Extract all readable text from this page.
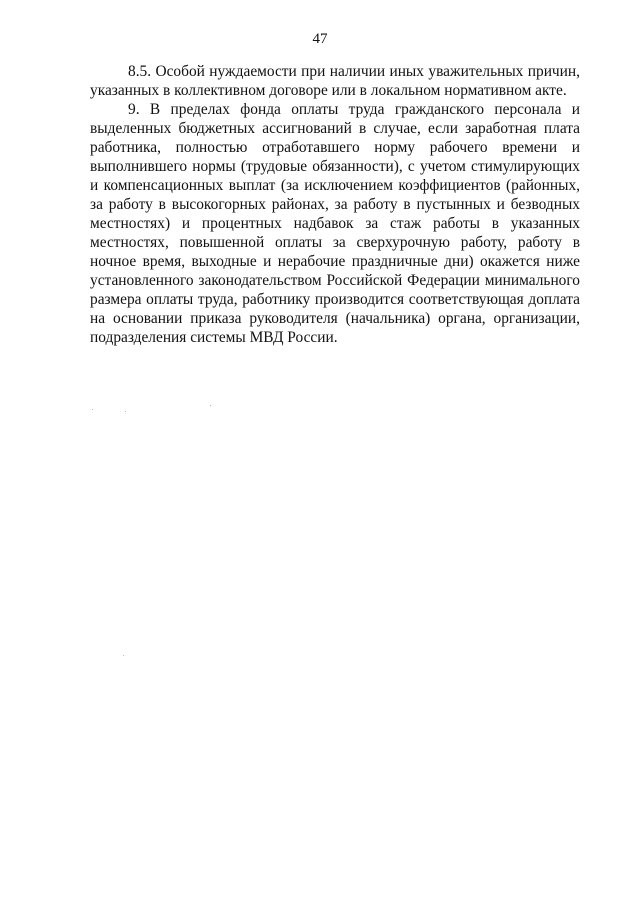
47

8.5. Особой нуждаемости при наличии иных уважительных причин, указанных в коллективном договоре или в локальном нормативном акте.

9. В пределах фонда оплаты труда гражданского персонала и выделенных бюджетных ассигнований в случае, если заработная плата работника, полностью отработавшего норму рабочего времени и выполнившего нормы (трудовые обязанности), с учетом стимулирующих и компенсационных выплат (за исключением коэффициентов (районных, за работу в высокогорных районах, за работу в пустынных и безводных местностях) и процентных надбавок за стаж работы в указанных местностях, повышенной оплаты за сверхурочную работу, работу в ночное время, выходные и нерабочие праздничные дни) окажется ниже установленного законодательством Российской Федерации минимального размера оплаты труда, работнику производится соответствующая доплата на основании приказа руководителя (начальника) органа, организации, подразделения системы МВД России.
